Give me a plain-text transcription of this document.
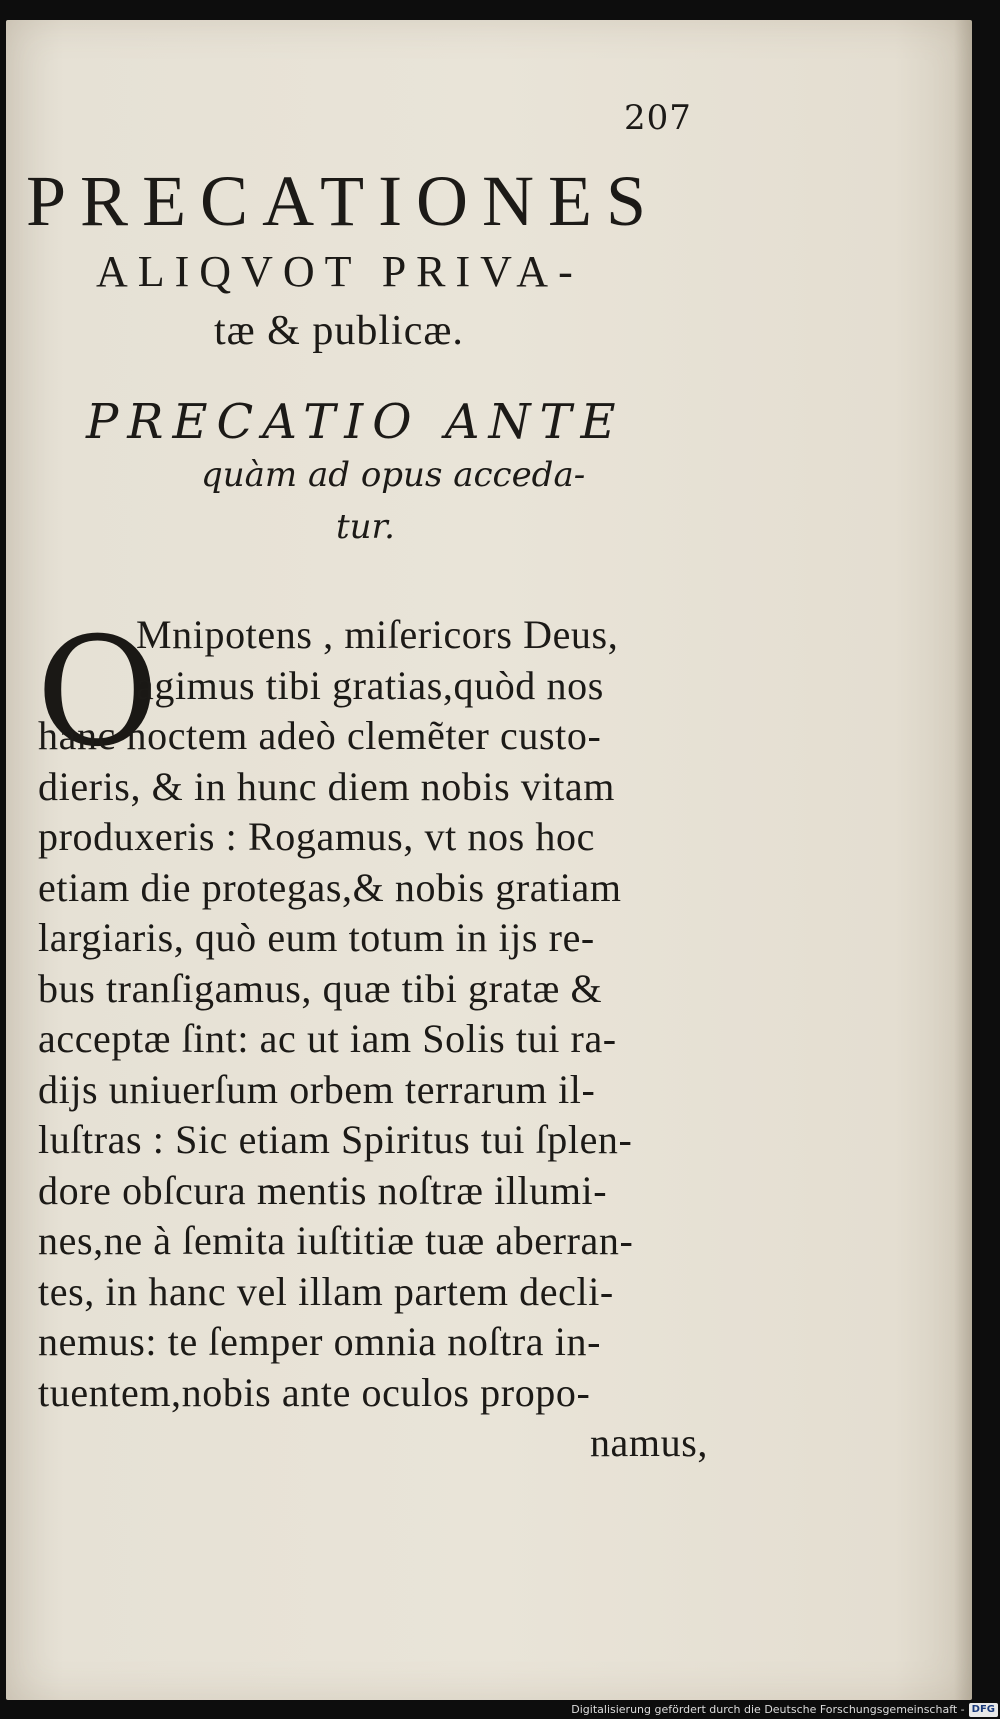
207
PRECATIONES
ALIQVOT PRIVA-
tæ & publicæ.
PRECATIO ANTE
quàm ad opus acceda-
tur.
O
Mnipotens , miſericors Deus,
agimus tibi gratias,quòd nos
hanc noctem adeò clemẽter custo-
dieris, & in hunc diem nobis vitam
produxeris : Rogamus, vt nos hoc
etiam die protegas,& nobis gratiam
largiaris, quò eum totum in ijs re-
bus tranſigamus, quæ tibi gratæ &
acceptæ ſint: ac ut iam Solis tui ra-
dijs uniuerſum orbem terrarum il-
luſtras : Sic etiam Spiritus tui ſplen-
dore obſcura mentis noſtræ illumi-
nes,ne à ſemita iuſtitiæ tuæ aberran-
tes, in hanc vel illam partem decli-
nemus: te ſemper omnia noſtra in-
tuentem,nobis ante oculos propo-
namus,
Digitalisierung gefördert durch die Deutsche Forschungsgemeinschaft - DFG
